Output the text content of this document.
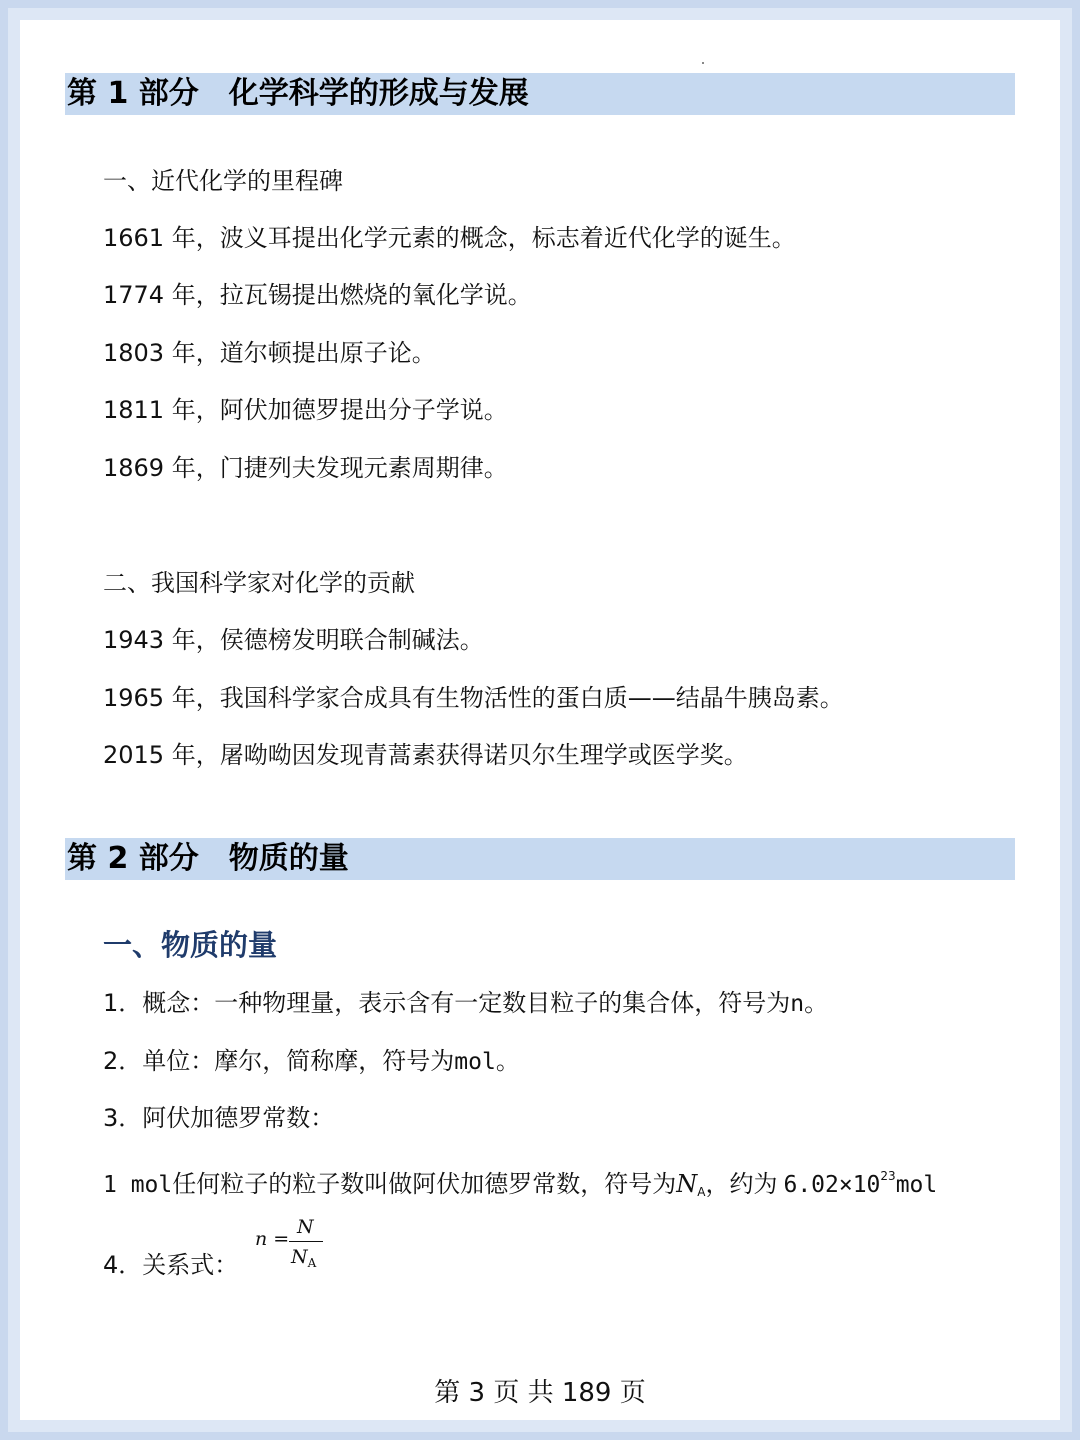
第 1 部分 化学科学的形成与发展
一、近代化学的里程碑
1661 年，波义耳提出化学元素的概念，标志着近代化学的诞生。
1774 年，拉瓦锡提出燃烧的氧化学说。
1803 年，道尔顿提出原子论。
1811 年，阿伏加德罗提出分子学说。
1869 年，门捷列夫发现元素周期律。
二、我国科学家对化学的贡献
1943 年，侯德榜发明联合制碱法。
1965 年，我国科学家合成具有生物活性的蛋白质——结晶牛胰岛素。
2015 年，屠呦呦因发现青蒿素获得诺贝尔生理学或医学奖。
第 2 部分 物质的量
一、物质的量
1．概念：一种物理量，表示含有一定数目粒子的集合体，符号为n。
2．单位：摩尔，简称摩，符号为mol。
3．阿伏加德罗常数：
1 mol任何粒子的粒子数叫做阿伏加德罗常数，符号为$N_A$，约为 $6.02\times 10^{23}mol$
4．关系式：
n =
N
$N_A$
第 3 页 共 189 页
